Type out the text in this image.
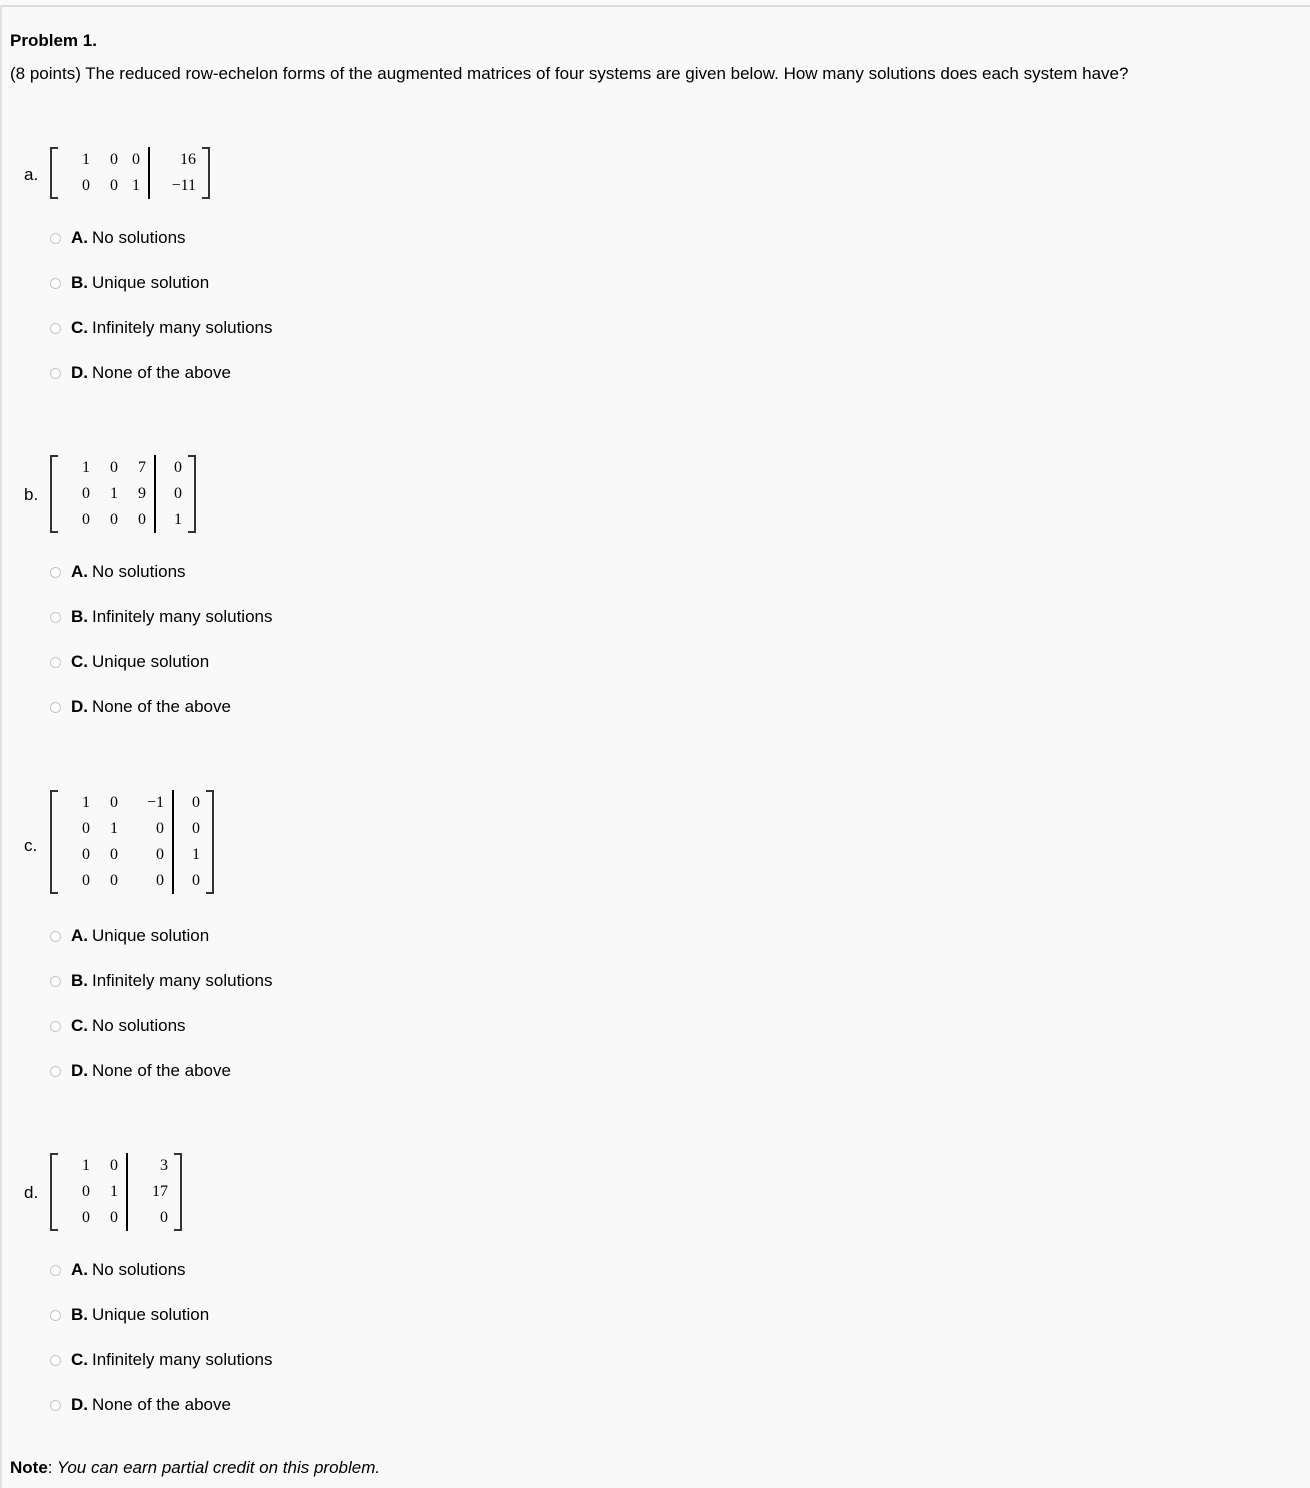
Problem 1.
(8 points) The reduced row-echelon forms of the augmented matrices of four systems are given below. How many solutions does each system have?
a.
1	0	0	16
0	0	1	−11
A. No solutions
B. Unique solution
C. Infinitely many solutions
D. None of the above
b.
1	0	7	0
0	1	9	0
0	0	0	1
A. No solutions
B. Infinitely many solutions
C. Unique solution
D. None of the above
c.
1	0	−1	0
0	1	0	0
0	0	0	1
0	0	0	0
A. Unique solution
B. Infinitely many solutions
C. No solutions
D. None of the above
d.
1	0	3
0	1	17
0	0	0
A. No solutions
B. Unique solution
C. Infinitely many solutions
D. None of the above
Note: You can earn partial credit on this problem.
